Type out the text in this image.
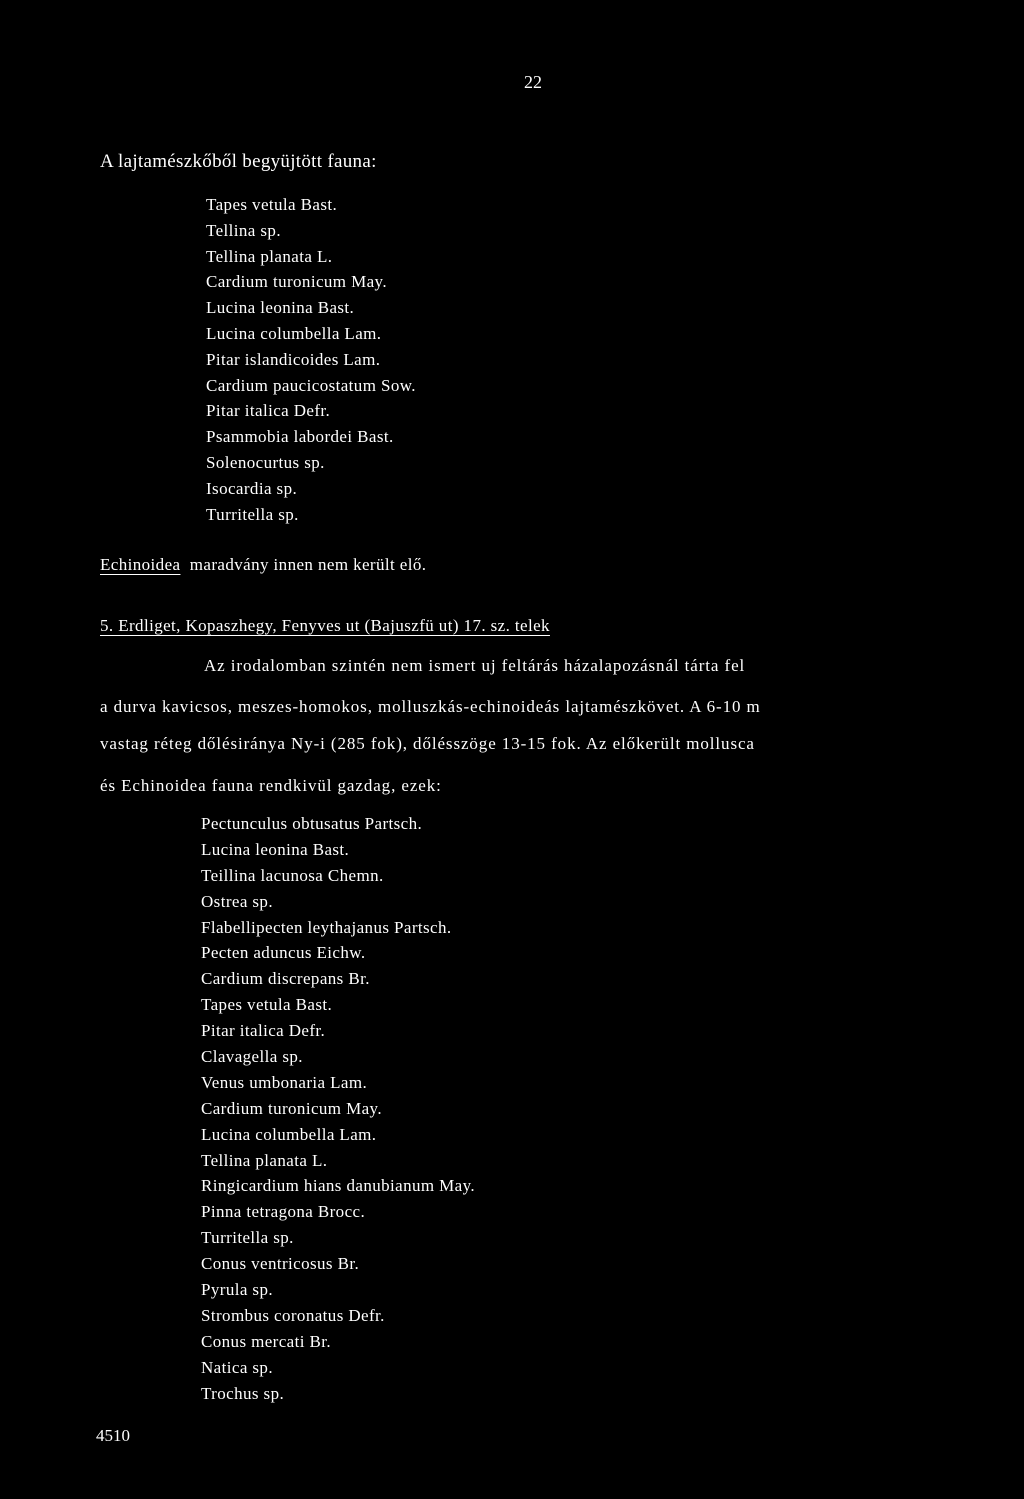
22
A lajtamészkőből begyüjtött fauna:
Tapes vetula Bast.
Tellina sp.
Tellina planata L.
Cardium turonicum May.
Lucina leonina Bast.
Lucina columbella Lam.
Pitar islandicoides Lam.
Cardium paucicostatum Sow.
Pitar italica Defr.
Psammobia labordei Bast.
Solenocurtus sp.
Isocardia sp.
Turritella sp.
Echinoidea maradvány innen nem került elő.
5. Erdliget, Kopaszhegy, Fenyves ut (Bajuszfü ut) 17. sz. telek
Az irodalomban szintén nem ismert uj feltárás házalapozásnál tárta fel
a durva kavicsos, meszes-homokos, molluszkás-echinoideás lajtamészkövet. A 6-10 m
vastag réteg dőlésiránya Ny-i (285 fok), dőlésszöge 13-15 fok. Az előkerült mollusca
és Echinoidea fauna rendkivül gazdag, ezek:
Pectunculus obtusatus Partsch.
Lucina leonina Bast.
Teillina lacunosa Chemn.
Ostrea sp.
Flabellipecten leythajanus Partsch.
Pecten aduncus Eichw.
Cardium discrepans Br.
Tapes vetula Bast.
Pitar italica Defr.
Clavagella sp.
Venus umbonaria Lam.
Cardium turonicum May.
Lucina columbella Lam.
Tellina planata L.
Ringicardium hians danubianum May.
Pinna tetragona Brocc.
Turritella sp.
Conus ventricosus Br.
Pyrula sp.
Strombus coronatus Defr.
Conus mercati Br.
Natica sp.
Trochus sp.
4510
